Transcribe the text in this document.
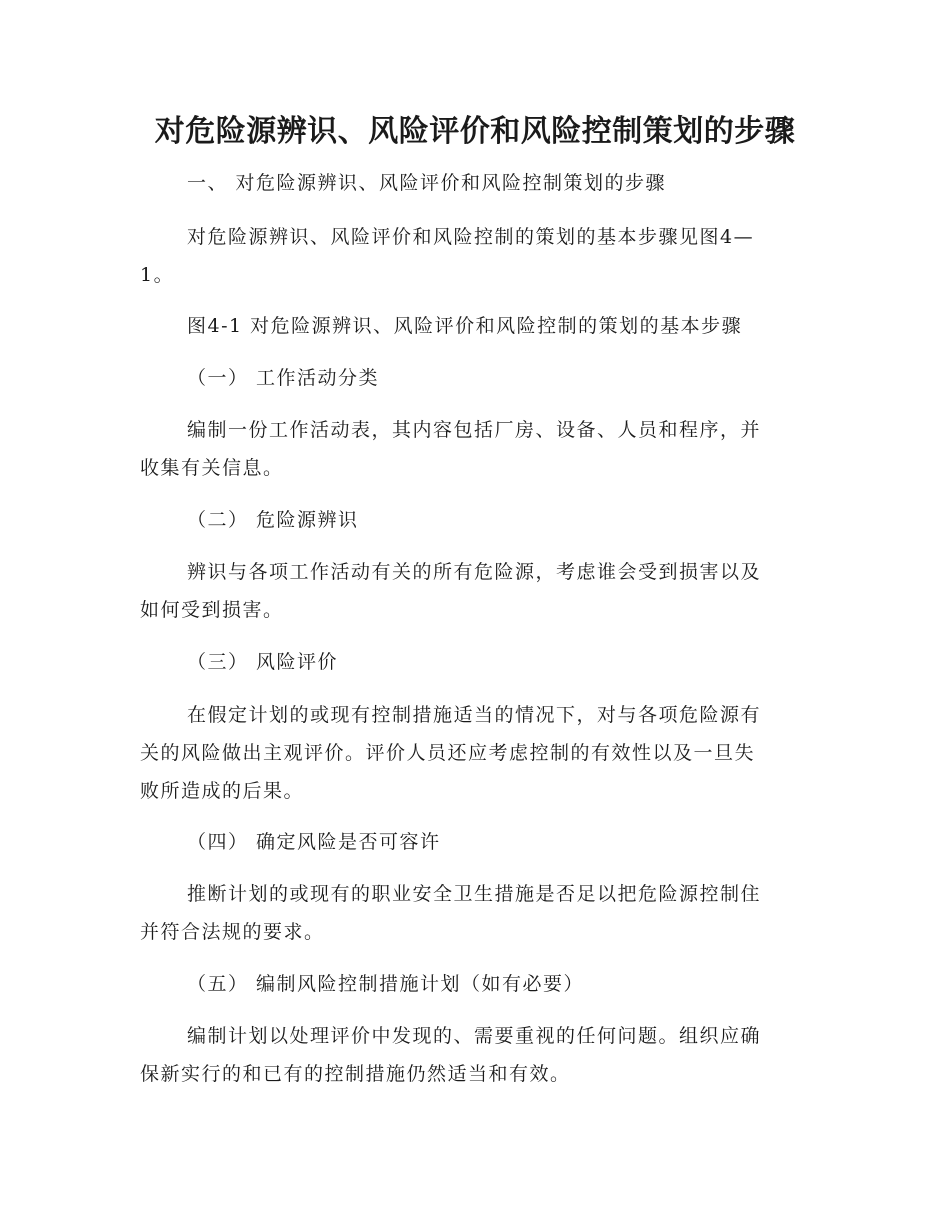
对危险源辨识、风险评价和风险控制策划的步骤

一、 对危险源辨识、风险评价和风险控制策划的步骤

对危险源辨识、风险评价和风险控制的策划的基本步骤见图4—

1。

图4-1 对危险源辨识、风险评价和风险控制的策划的基本步骤

（一） 工作活动分类

编制一份工作活动表，其内容包括厂房、设备、人员和程序，并

收集有关信息。

（二） 危险源辨识

辨识与各项工作活动有关的所有危险源，考虑谁会受到损害以及

如何受到损害。

（三） 风险评价

在假定计划的或现有控制措施适当的情况下，对与各项危险源有

关的风险做出主观评价。评价人员还应考虑控制的有效性以及一旦失

败所造成的后果。

（四） 确定风险是否可容许

推断计划的或现有的职业安全卫生措施是否足以把危险源控制住

并符合法规的要求。

（五） 编制风险控制措施计划（如有必要）

编制计划以处理评价中发现的、需要重视的任何问题。组织应确

保新实行的和已有的控制措施仍然适当和有效。
